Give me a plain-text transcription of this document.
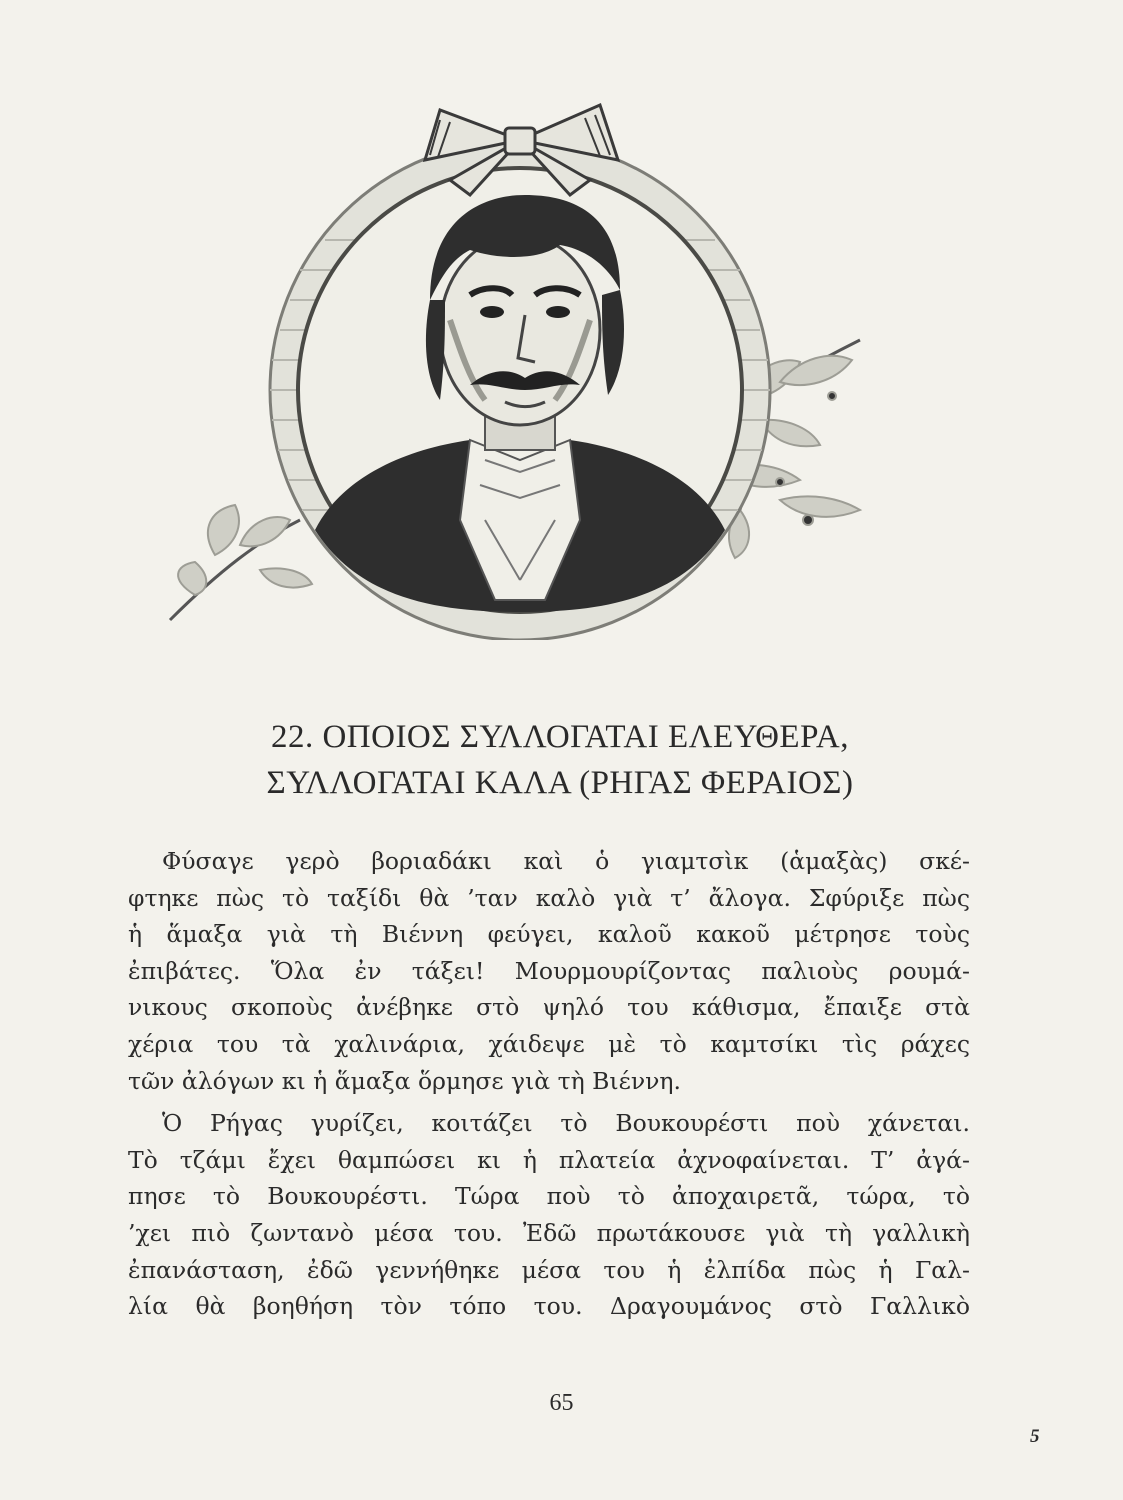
22. ΟΠΟΙΟΣ ΣΥΛΛΟΓΑΤΑΙ ΕΛΕΥΘΕΡΑ,
ΣΥΛΛΟΓΑΤΑΙ ΚΑΛΑ (ΡΗΓΑΣ ΦΕΡΑΙΟΣ)
Φύσαγε γερὸ βοριαδάκι καὶ ὁ γιαμτσὶκ (ἁμαξὰς) σκέ-
φτηκε πὼς τὸ ταξίδι θὰ ’ταν καλὸ γιὰ τ’ ἄλογα. Σφύριξε πὼς
ἡ ἅμαξα γιὰ τὴ Βιέννη φεύγει, καλοῦ κακοῦ μέτρησε τοὺς
ἐπιβάτες. Ὅλα ἐν τάξει! Μουρμουρίζοντας παλιοὺς ρουμά-
νικους σκοποὺς ἀνέβηκε στὸ ψηλό του κάθισμα, ἔπαιξε στὰ
χέρια του τὰ χαλινάρια, χάιδεψε μὲ τὸ καμτσίκι τὶς ράχες
τῶν ἀλόγων κι ἡ ἅμαξα ὅρμησε γιὰ τὴ Βιέννη.
Ὁ Ρήγας γυρίζει, κοιτάζει τὸ Βουκουρέστι ποὺ χάνεται.
Τὸ τζάμι ἔχει θαμπώσει κι ἡ πλατεία ἀχνοφαίνεται. Τ’ ἀγά-
πησε τὸ Βουκουρέστι. Τώρα ποὺ τὸ ἀποχαιρετᾶ, τώρα, τὸ
’χει πιὸ ζωντανὸ μέσα του. Ἐδῶ πρωτάκουσε γιὰ τὴ γαλλικὴ
ἐπανάσταση, ἐδῶ γεννήθηκε μέσα του ἡ ἐλπίδα πὼς ἡ Γαλ-
λία θὰ βοηθήση τὸν τόπο του. Δραγουμάνος στὸ Γαλλικὸ
65
5
